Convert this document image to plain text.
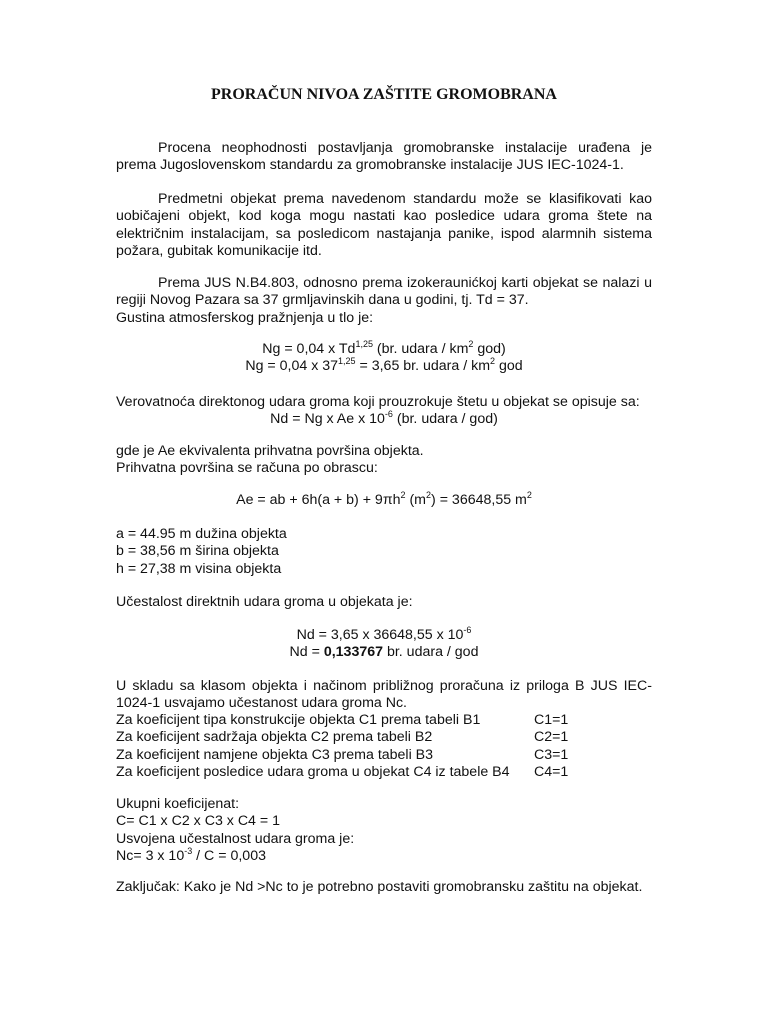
PRORAČUN NIVOA ZAŠTITE GROMOBRANA

Procena neophodnosti postavljanja gromobranske instalacije urađena je prema Jugoslovenskom standardu za gromobranske instalacije JUS IEC-1024-1.

Predmetni objekat prema navedenom standardu može se klasifikovati kao uobičajeni objekt, kod koga mogu nastati kao posledice udara groma štete na električnim instalacijam, sa posledicom nastajanja panike, ispod alarmnih sistema požara, gubitak komunikacije itd.

Prema JUS N.B4.803, odnosno prema izokeraunićkoj karti objekat se nalazi u regiji Novog Pazara sa 37 grmljavinskih dana u godini, tj. Td = 37.

Gustina atmosferskog pražnjenja u tlo je:

Ng = 0,04 x Td$^{1,25}$ (br. udara / $km^2$ god)

Ng = 0,04 x $37^{1,25} = 3,65$ br. udara / $km^2$ god

Verovatnoća direktonog udara groma koji prouzrokuje štetu u objekat se opisuje sa:

Nd = Ng x Ae x $10^{-6}$ (br. udara / god)

gde je Ae ekvivalenta prihvatna površina objekta.

Prihvatna površina se računa po obrascu:

Ae = ab + $6h(a + b) + 9\pi h^2$ $(m^2) = 36648,55$ $m^2$

a = 44.95 m dužina objekta

b = 38,56 m širina objekta

h = 27,38 m visina objekta

Učestalost direktnih udara groma u objekata je:

Nd = 3,65 x 36648,55 x $10^{-6}$

Nd = 0,133767 br. udara / god

U skladu sa klasom objekta i načinom približnog proračuna iz priloga B JUS IEC-1024-1 usvajamo učestanost udara groma Nc.

Za koeficijent tipa konstrukcije objekta C1 prema tabeli B1	C1=1
Za koeficijent sadržaja objekta C2 prema tabeli B2	C2=1
Za koeficijent namjene objekta C3 prema tabeli B3	C3=1
Za koeficijent posledice udara groma u objekat C4 iz tabele B4 C4=1

Ukupni koeficijenat:

C= C1 x C2 x C3 x C4 = 1

Usvojena učestalnost udara groma je:

Nc= 3 x $10^{-3} / C = 0,003$

Zaključak: Kako je Nd >Nc to je potrebno postaviti gromobransku zaštitu na objekat.
